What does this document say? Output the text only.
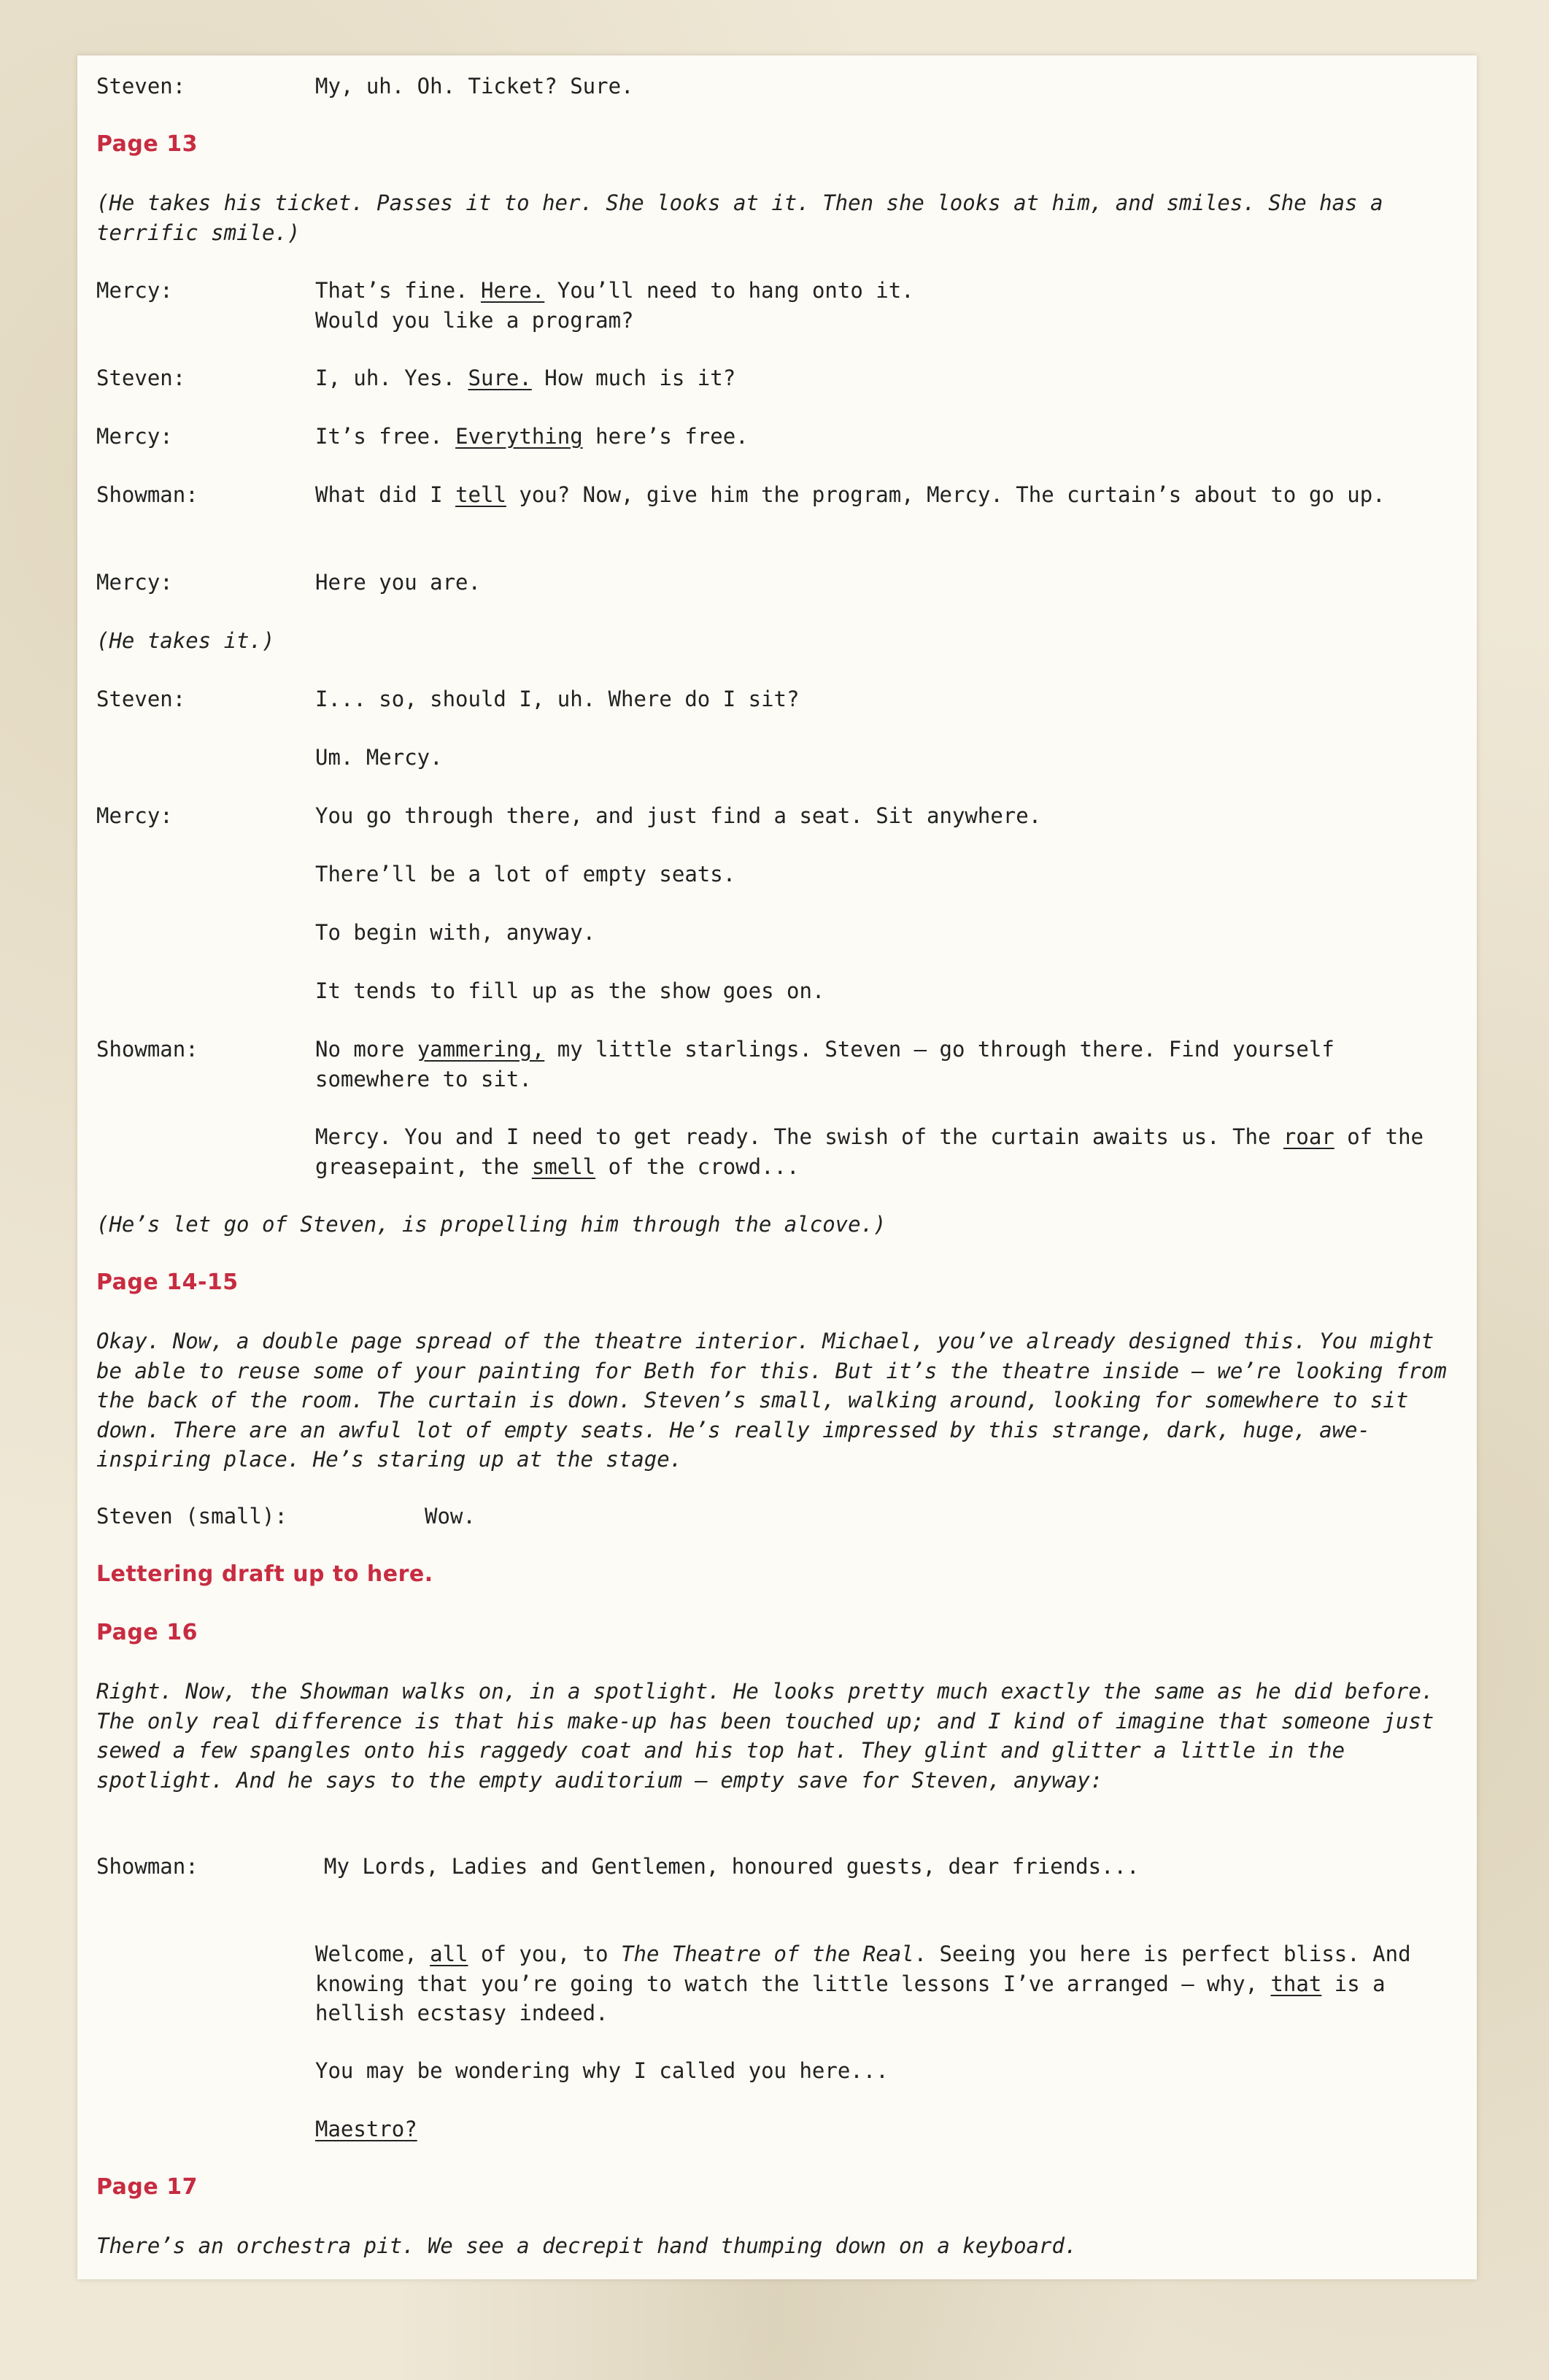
Steven:	My, uh. Oh. Ticket? Sure.
Page 13
(He takes his ticket. Passes it to her. She looks at it. Then she looks at him, and smiles. She has a terrific smile.)
Mercy:	That’s fine. Here. You’ll need to hang onto it.
Would you like a program?
Steven:	I, uh. Yes. Sure. How much is it?
Mercy:	It’s free. Everything here’s free.
Showman:	What did I tell you? Now, give him the program, Mercy. The curtain’s about to go up.
Mercy:	Here you are.
(He takes it.)
Steven:	I... so, should I, uh. Where do I sit?
Um. Mercy.
Mercy:	You go through there, and just find a seat. Sit anywhere.
There’ll be a lot of empty seats.
To begin with, anyway.
It tends to fill up as the show goes on.
Showman:	No more yammering, my little starlings. Steven – go through there. Find yourself somewhere to sit.
Mercy. You and I need to get ready. The swish of the curtain awaits us. The roar of the greasepaint, the smell of the crowd...
(He’s let go of Steven, is propelling him through the alcove.)
Page 14-15
Okay. Now, a double page spread of the theatre interior. Michael, you’ve already designed this. You might be able to reuse some of your painting for Beth for this. But it’s the theatre inside – we’re looking from the back of the room. The curtain is down. Steven’s small, walking around, looking for somewhere to sit down. There are an awful lot of empty seats. He’s really impressed by this strange, dark, huge, awe-inspiring place. He’s staring up at the stage.
Steven (small):	Wow.
Lettering draft up to here.
Page 16
Right. Now, the Showman walks on, in a spotlight. He looks pretty much exactly the same as he did before. The only real difference is that his make-up has been touched up; and I kind of imagine that someone just sewed a few spangles onto his raggedy coat and his top hat. They glint and glitter a little in the spotlight. And he says to the empty auditorium – empty save for Steven, anyway:
Showman:	My Lords, Ladies and Gentlemen, honoured guests, dear friends...
Welcome, all of you, to The Theatre of the Real. Seeing you here is perfect bliss. And knowing that you’re going to watch the little lessons I’ve arranged – why, that is a hellish ecstasy indeed.
You may be wondering why I called you here...
Maestro?
Page 17
There’s an orchestra pit. We see a decrepit hand thumping down on a keyboard.
